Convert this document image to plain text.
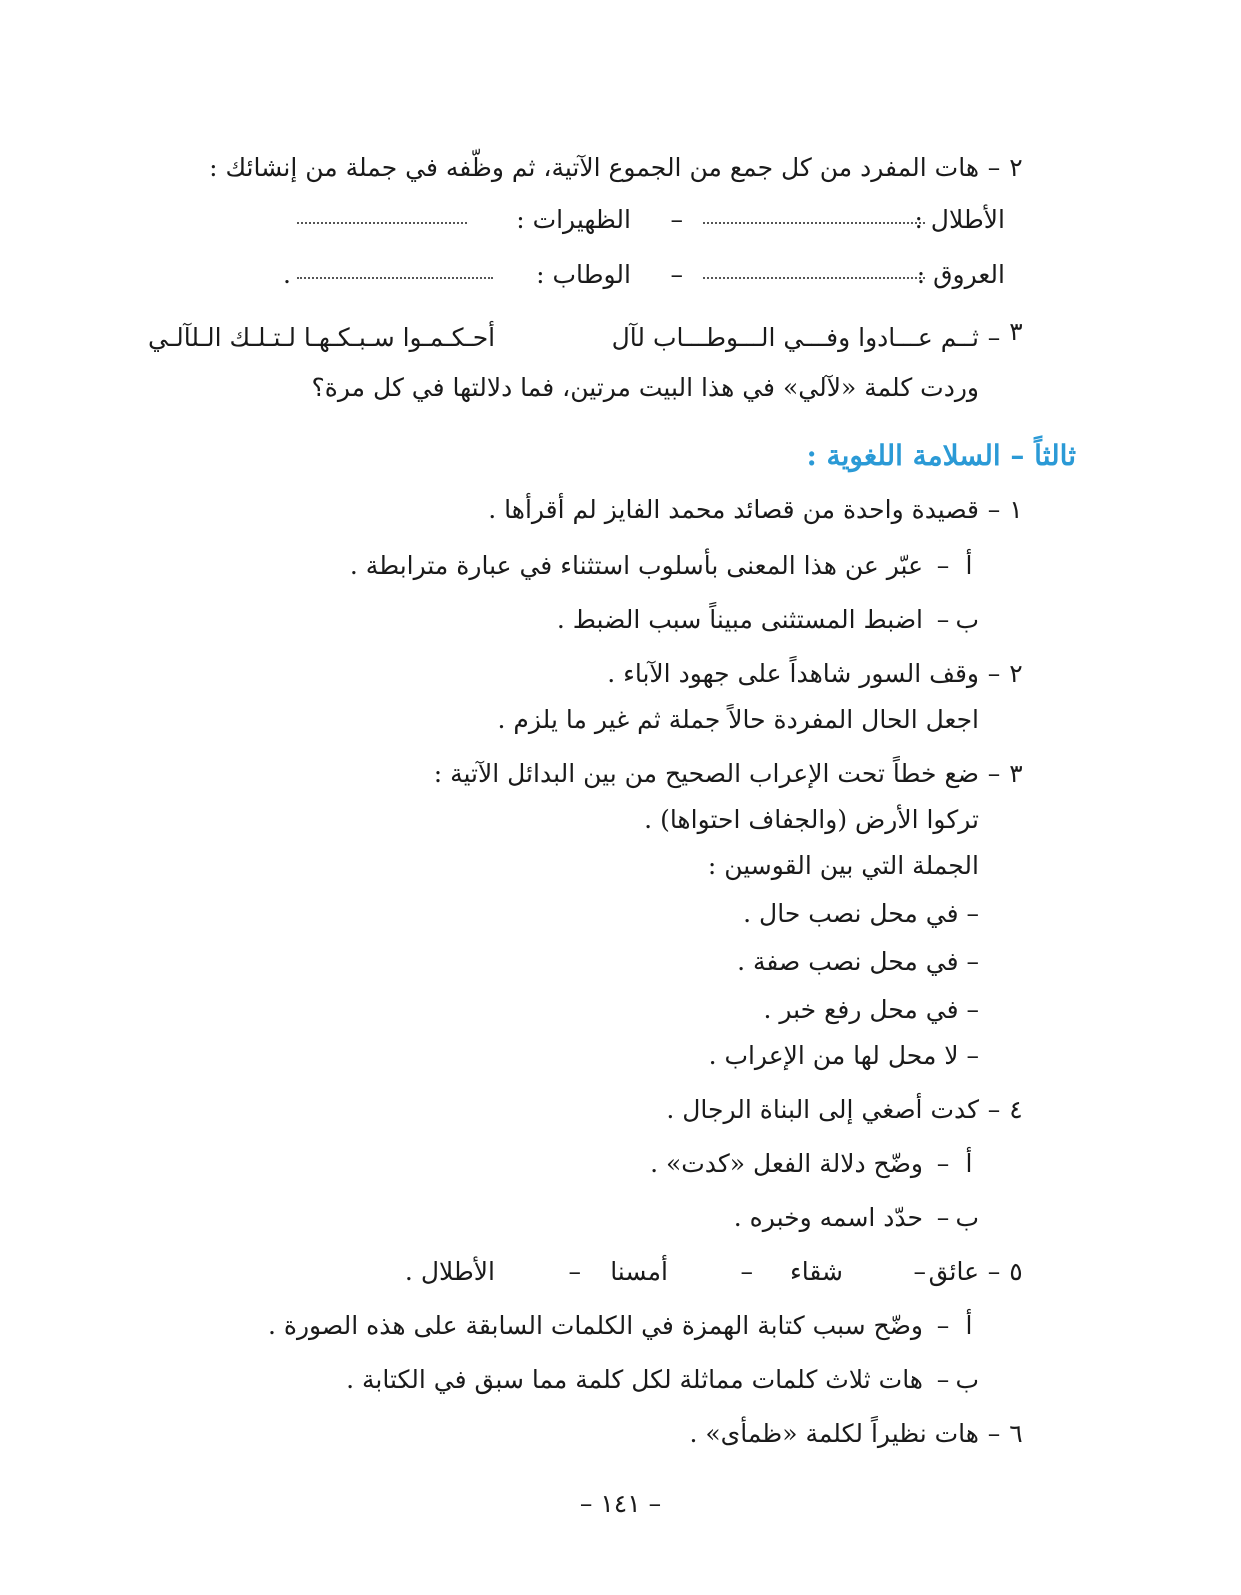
٢
–
هات المفرد من كل جمع من الجموع الآتية، ثم وظّفه في جملة من إنشائك :
الأطلال :
–
الظهيرات :
العروق :
–
الوطاب :
.
٣
–
ثــم عـــادوا وفـــي الـــوطـــاب لآل
أحـكـمـوا سـبـكـهـا لـتـلـك الـلآلـي
وردت كلمة «لآلي» في هذا البيت مرتين، فما دلالتها في كل مرة؟
ثالثاً – السلامة اللغوية :
١
–
قصيدة واحدة من قصائد محمد الفايز لم أقرأها .
أ
–
عبّر عن هذا المعنى بأسلوب استثناء في عبارة مترابطة .
ب
–
اضبط المستثنى مبيناً سبب الضبط .
٢
–
وقف السور شاهداً على جهود الآباء .
اجعل الحال المفردة حالاً جملة ثم غير ما يلزم .
٣
–
ضع خطاً تحت الإعراب الصحيح من بين البدائل الآتية :
تركوا الأرض (والجفاف احتواها) .
الجملة التي بين القوسين :
– في محل نصب حال .
– في محل نصب صفة .
– في محل رفع خبر .
– لا محل لها من الإعراب .
٤
–
كدت أصغي إلى البناة الرجال .
أ
–
وضّح دلالة الفعل «كدت» .
ب
–
حدّد اسمه وخبره .
٥
–
عائق
–
شقاء
–
أمسنا
–
الأطلال .
أ
–
وضّح سبب كتابة الهمزة في الكلمات السابقة على هذه الصورة .
ب
–
هات ثلاث كلمات مماثلة لكل كلمة مما سبق في الكتابة .
٦
–
هات نظيراً لكلمة «ظمأى» .
– ١٤١ –
